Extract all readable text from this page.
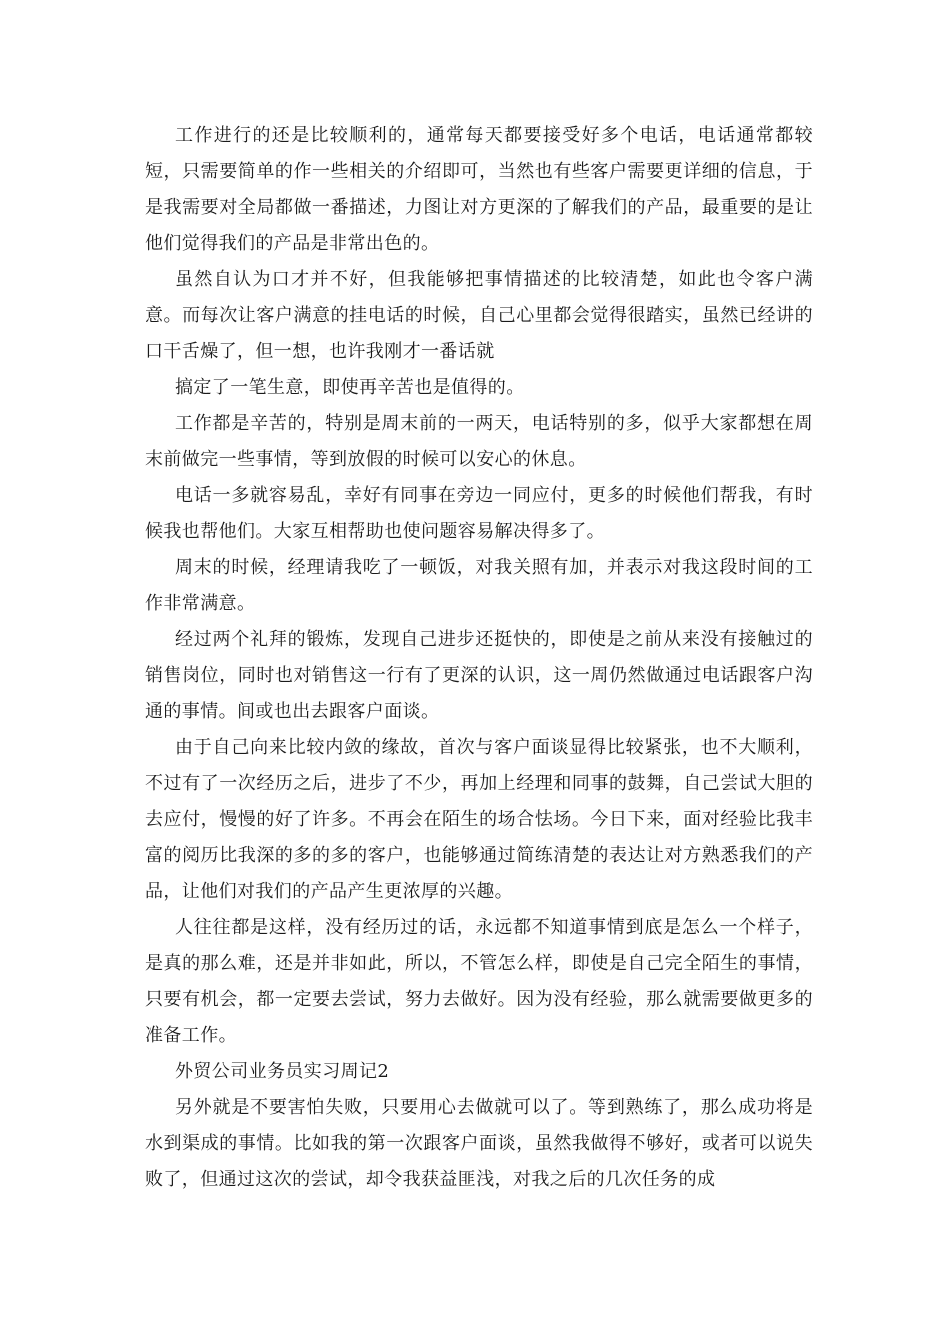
工作进行的还是比较顺利的，通常每天都要接受好多个电话，电话通常都较短，只需要简单的作一些相关的介绍即可，当然也有些客户需要更详细的信息，于是我需要对全局都做一番描述，力图让对方更深的了解我们的产品，最重要的是让他们觉得我们的产品是非常出色的。

虽然自认为口才并不好，但我能够把事情描述的比较清楚，如此也令客户满意。而每次让客户满意的挂电话的时候，自己心里都会觉得很踏实，虽然已经讲的口干舌燥了，但一想，也许我刚才一番话就

搞定了一笔生意，即使再辛苦也是值得的。

工作都是辛苦的，特别是周末前的一两天，电话特别的多，似乎大家都想在周末前做完一些事情，等到放假的时候可以安心的休息。

电话一多就容易乱，幸好有同事在旁边一同应付，更多的时候他们帮我，有时候我也帮他们。大家互相帮助也使问题容易解决得多了。

周末的时候，经理请我吃了一顿饭，对我关照有加，并表示对我这段时间的工作非常满意。

经过两个礼拜的锻炼，发现自己进步还挺快的，即使是之前从来没有接触过的销售岗位，同时也对销售这一行有了更深的认识，这一周仍然做通过电话跟客户沟通的事情。间或也出去跟客户面谈。

由于自己向来比较内敛的缘故，首次与客户面谈显得比较紧张，也不大顺利，不过有了一次经历之后，进步了不少，再加上经理和同事的鼓舞，自己尝试大胆的去应付，慢慢的好了许多。不再会在陌生的场合怯场。今日下来，面对经验比我丰富的阅历比我深的多的多的客户，也能够通过简练清楚的表达让对方熟悉我们的产品，让他们对我们的产品产生更浓厚的兴趣。

人往往都是这样，没有经历过的话，永远都不知道事情到底是怎么一个样子，是真的那么难，还是并非如此，所以，不管怎么样，即使是自己完全陌生的事情，只要有机会，都一定要去尝试，努力去做好。因为没有经验，那么就需要做更多的准备工作。

外贸公司业务员实习周记2

另外就是不要害怕失败，只要用心去做就可以了。等到熟练了，那么成功将是水到渠成的事情。比如我的第一次跟客户面谈，虽然我做得不够好，或者可以说失败了，但通过这次的尝试，却令我获益匪浅，对我之后的几次任务的成
